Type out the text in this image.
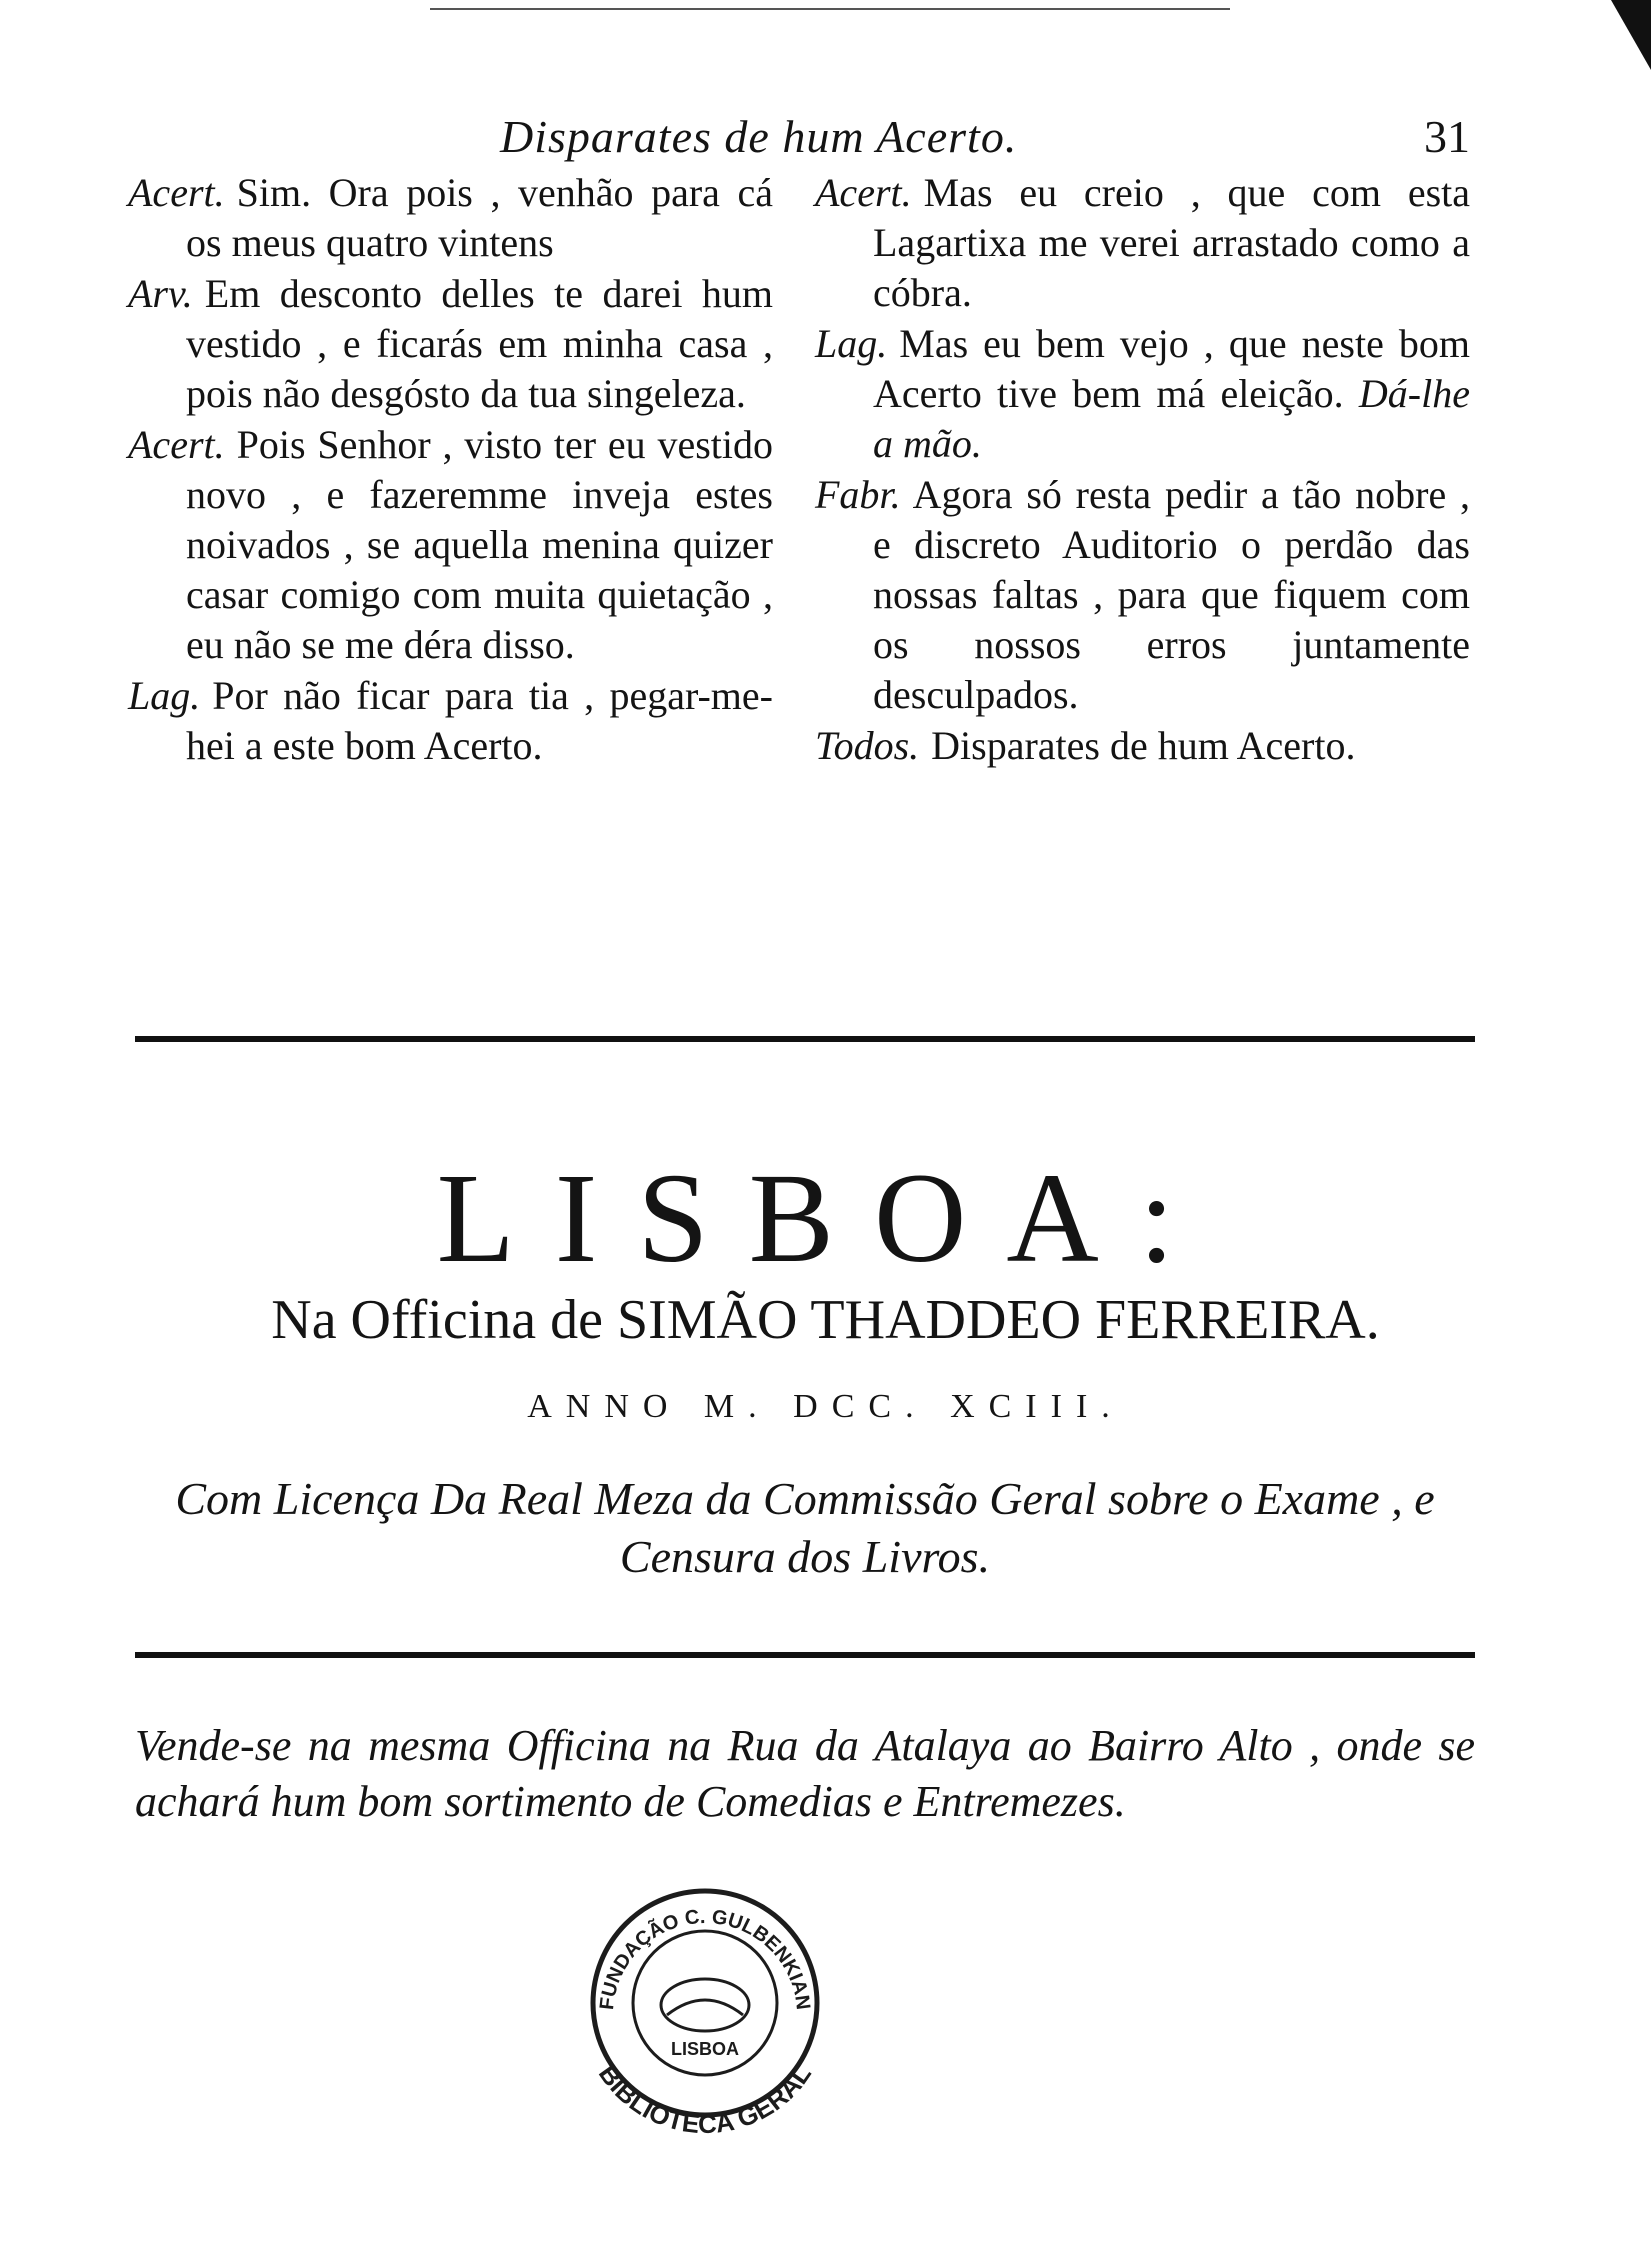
Disparates de hum Acerto.	31

Acert. Sim. Ora pois , venhão para cá os meus quatro vintens

Arv. Em desconto delles te darei hum vestido , e ficarás em minha casa , pois não desgósto da tua singeleza.

Acert. Pois Senhor , visto ter eu vestido novo , e fazeremme inveja estes noivados , se aquella menina quizer casar comigo com muita quietação , eu não se me déra disso.

Lag. Por não ficar para tia , pegar-me-hei a este bom Acerto.

Acert. Mas eu creio , que com esta Lagartixa me verei arrastado como a cóbra.

Lag. Mas eu bem vejo , que neste bom Acerto tive bem má eleição. Dá-lhe a mão.

Fabr. Agora só resta pedir a tão nobre , e discreto Auditorio o perdão das nossas faltas , para que fiquem com os nossos erros juntamente desculpados.

Todos. Disparates de hum Acerto.

LISBOA:
Na Officina de SIMÃO THADDEO FERREIRA.
ANNO M. DCC. XCIII.
Com Licença Da Real Meza da Commissão Geral sobre o Exame , e Censura dos Livros.
Vende-se na mesma Officina na Rua da Atalaya ao Bairro Alto , onde se achará hum bom sortimento de Comedias e Entremezes.
FUNDAÇÃO C. GULBENKIAN
LISBOA
BIBLIOTECA GERAL
